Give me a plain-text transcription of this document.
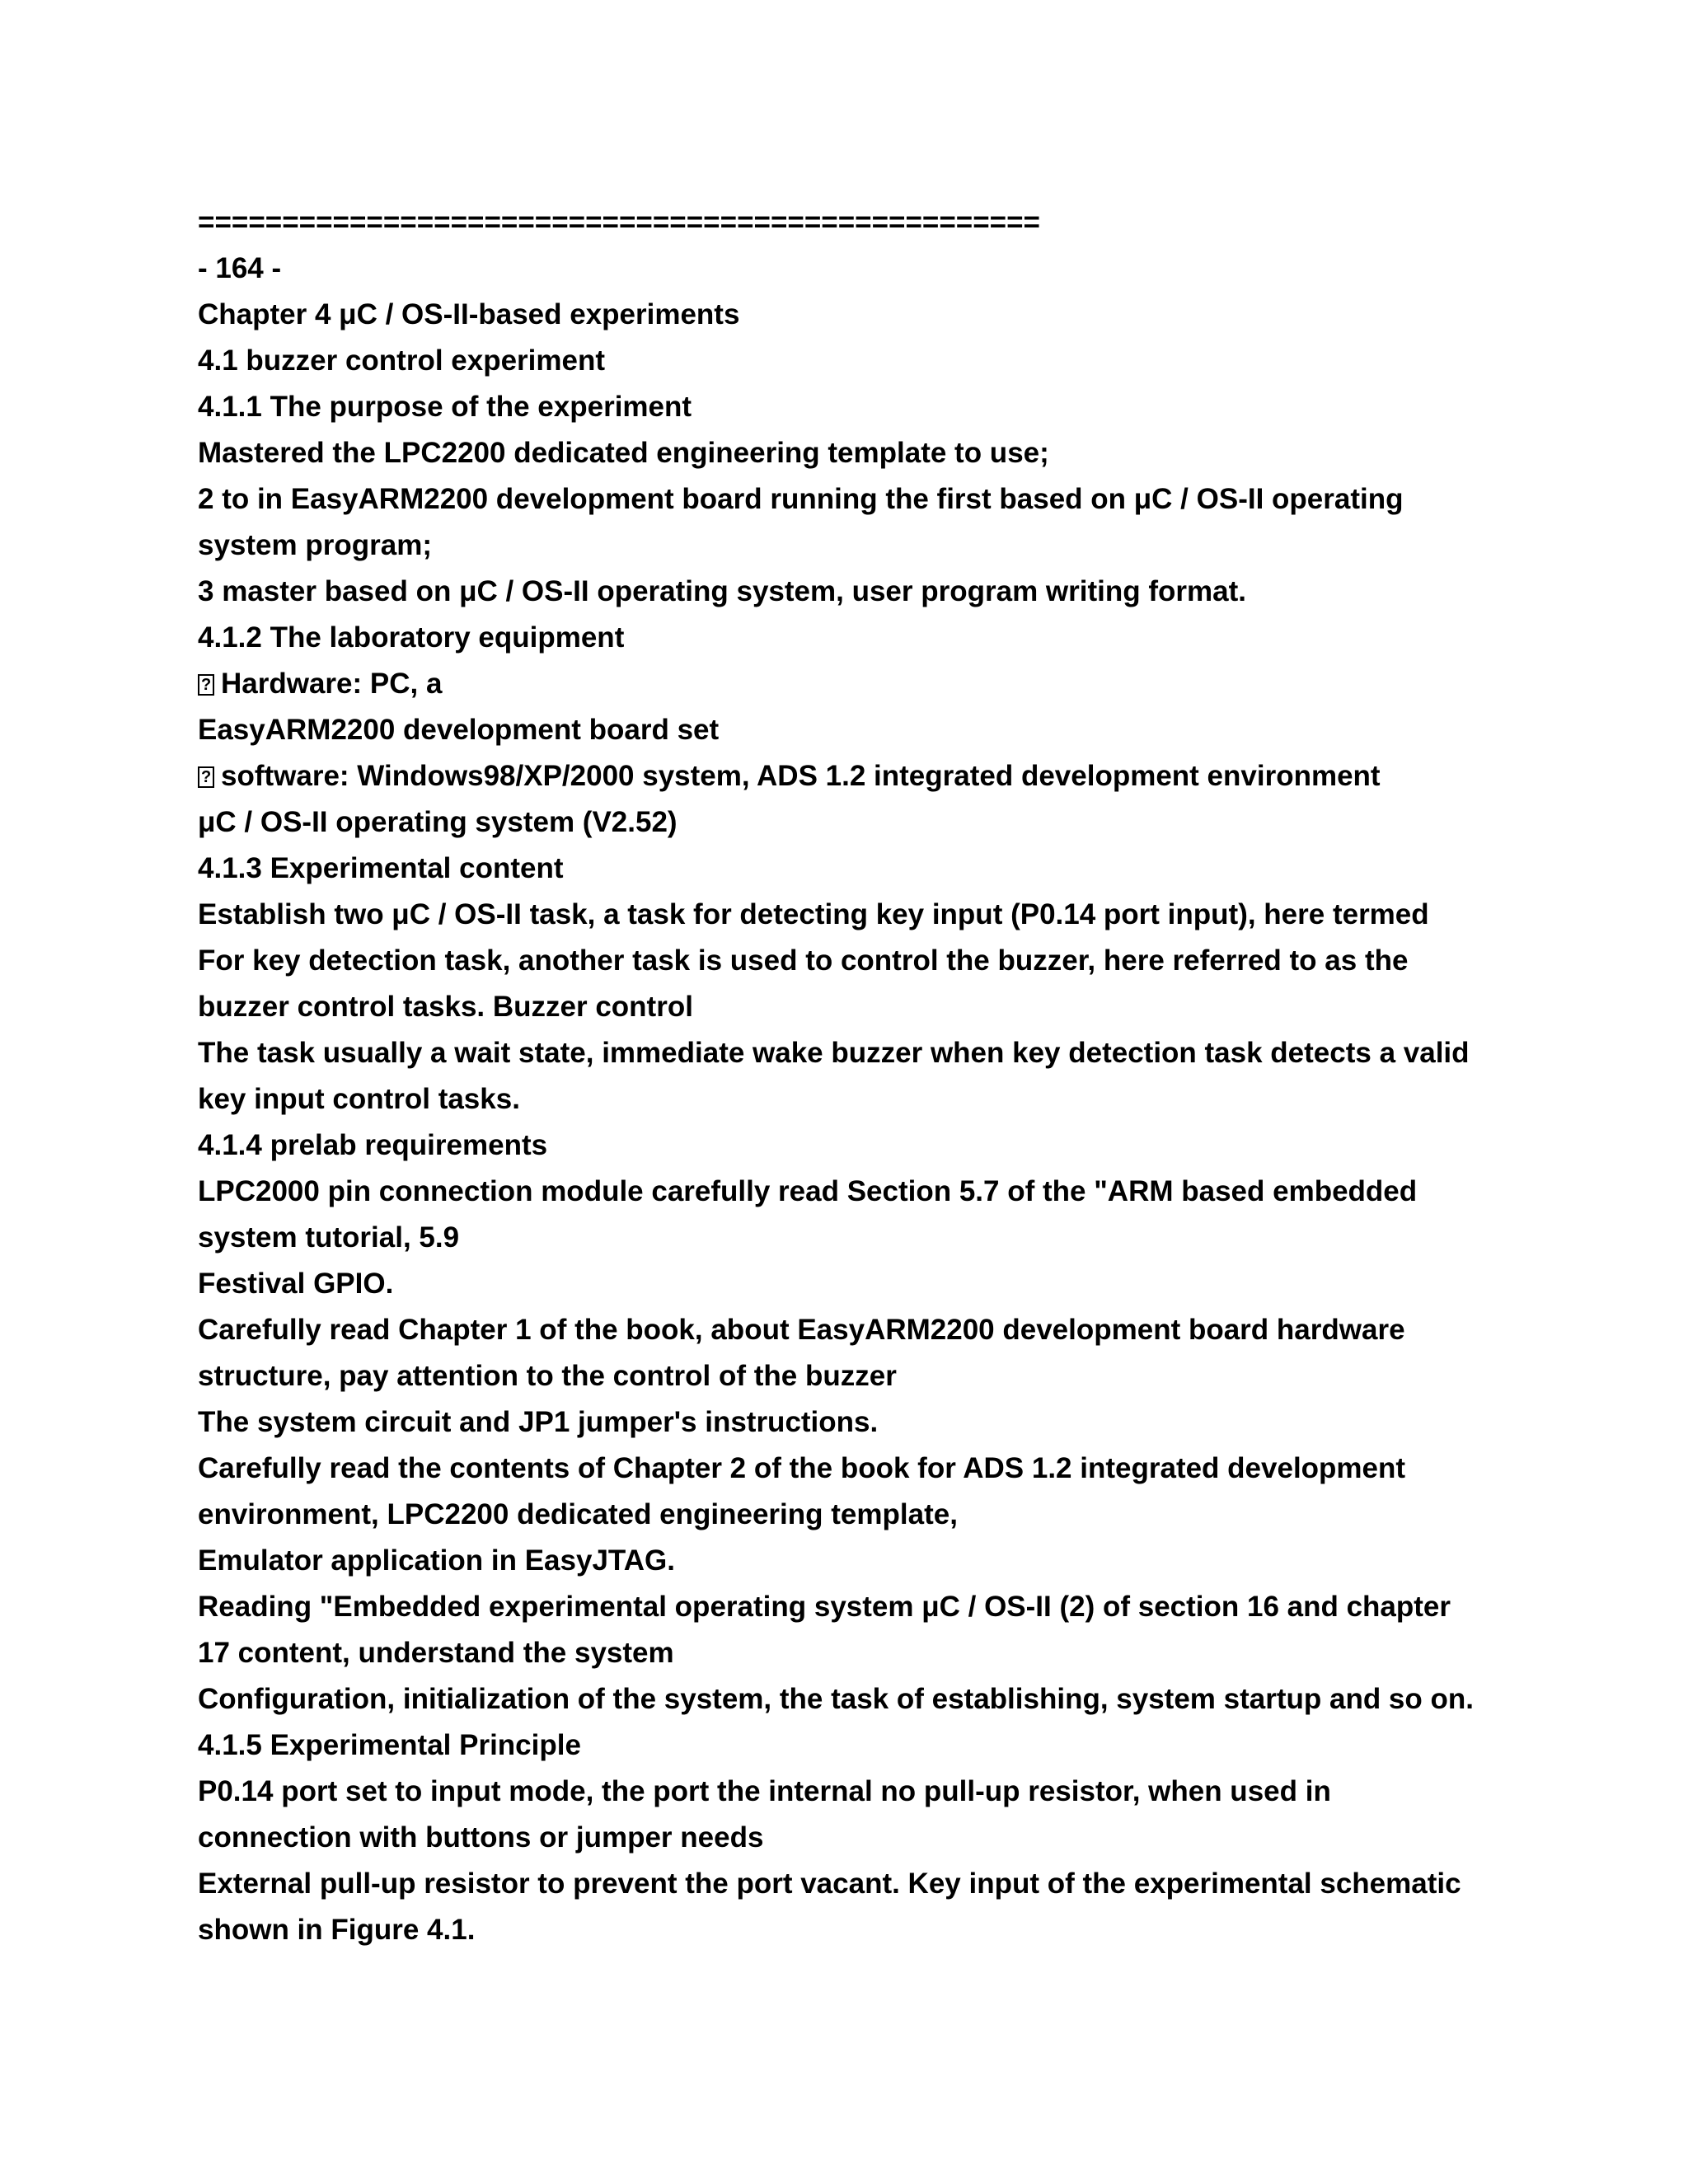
==================================================
- 164 -
Chapter 4 μC / OS-II-based experiments
4.1 buzzer control experiment
4.1.1 The purpose of the experiment
Mastered the LPC2200 dedicated engineering template to use;
2 to in EasyARM2200 development board running the first based on μC / OS-II operating
system program;
3 master based on μC / OS-II operating system, user program writing format.
4.1.2 The laboratory equipment
?Hardware: PC, a
EasyARM2200 development board set
?software: Windows98/XP/2000 system, ADS 1.2 integrated development environment
μC / OS-II operating system (V2.52)
4.1.3 Experimental content
Establish two μC / OS-II task, a task for detecting key input (P0.14 port input), here termed
For key detection task, another task is used to control the buzzer, here referred to as the
buzzer control tasks. Buzzer control
The task usually a wait state, immediate wake buzzer when key detection task detects a valid
key input control tasks.
4.1.4 prelab requirements
LPC2000 pin connection module carefully read Section 5.7 of the "ARM based embedded
system tutorial, 5.9
Festival GPIO.
Carefully read Chapter 1 of the book, about EasyARM2200 development board hardware
structure, pay attention to the control of the buzzer
The system circuit and JP1 jumper's instructions.
Carefully read the contents of Chapter 2 of the book for ADS 1.2 integrated development
environment, LPC2200 dedicated engineering template,
Emulator application in EasyJTAG.
Reading "Embedded experimental operating system μC / OS-II (2) of section 16 and chapter
17 content, understand the system
Configuration, initialization of the system, the task of establishing, system startup and so on.
4.1.5 Experimental Principle
P0.14 port set to input mode, the port the internal no pull-up resistor, when used in
connection with buttons or jumper needs
External pull-up resistor to prevent the port vacant. Key input of the experimental schematic
shown in Figure 4.1.
